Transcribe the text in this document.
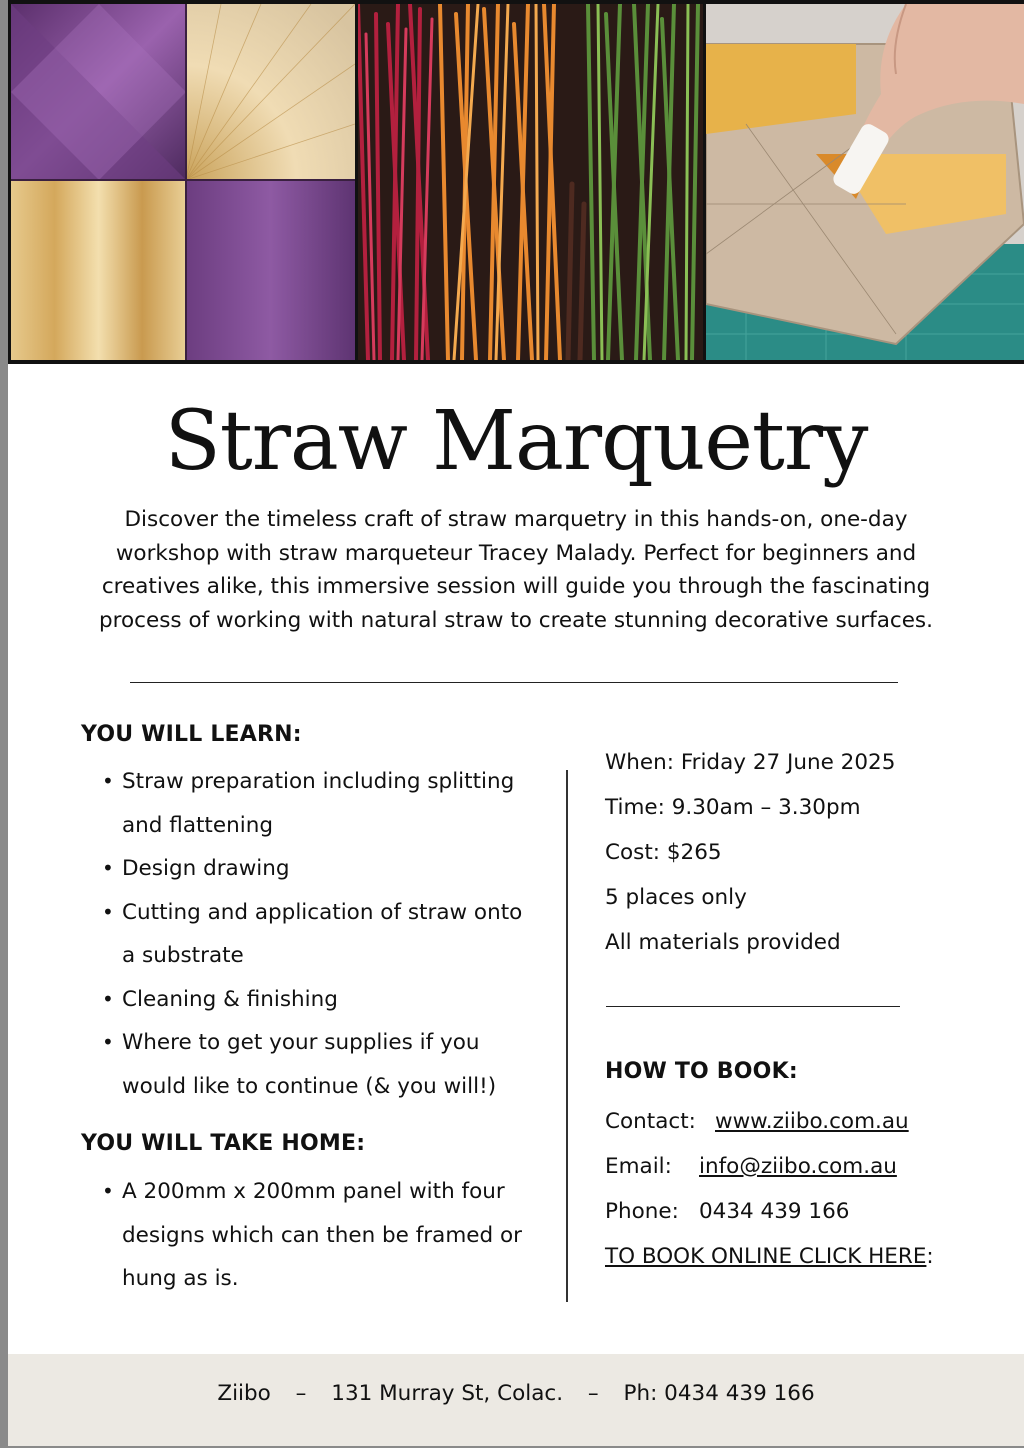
Straw Marquetry
Discover the timeless craft of straw marquetry in this hands-on, one-day
workshop with straw marqueteur Tracey Malady. Perfect for beginners and
creatives alike, this immersive session will guide you through the fascinating
process of working with natural straw to create stunning decorative surfaces.
YOU WILL LEARN:
• Straw preparation including splitting
and flattening
• Design drawing
• Cutting and application of straw onto
a substrate
• Cleaning & finishing
• Where to get your supplies if you
would like to continue (& you will!)
YOU WILL TAKE HOME:
• A 200mm x 200mm panel with four
designs which can then be framed or
hung as is.
When: Friday 27 June 2025
Time: 9.30am – 3.30pm
Cost: $265
5 places only
All materials provided
HOW TO BOOK:
Contact: www.ziibo.com.au
Email: info@ziibo.com.au
Phone: 0434 439 166
TO BOOK ONLINE CLICK HERE:
Ziibo – 131 Murray St, Colac. – Ph: 0434 439 166
